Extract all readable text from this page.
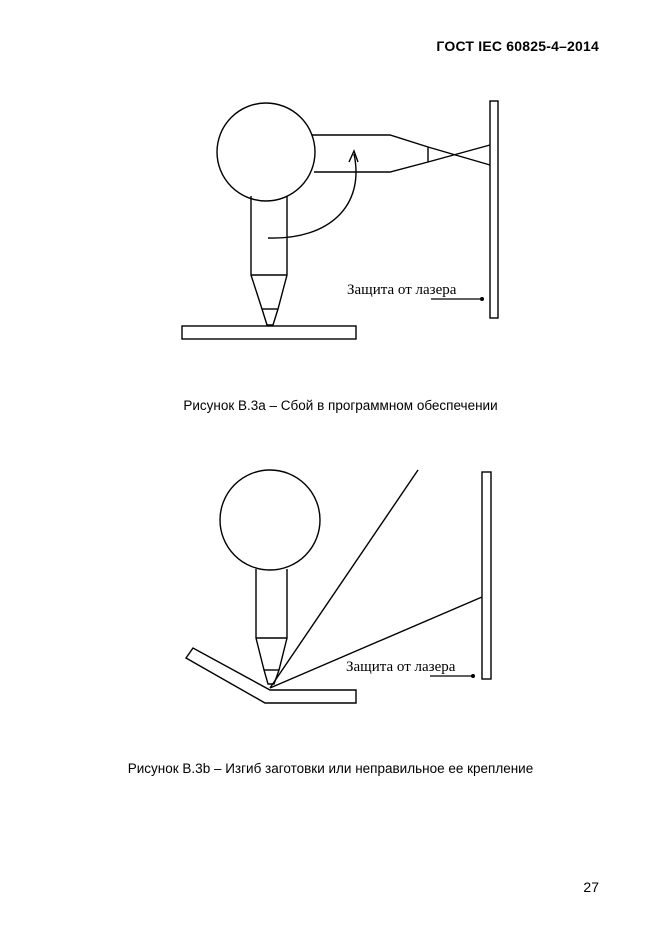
ГОСТ IEC 60825-4–2014
Защита от лазера
Рисунок В.3а – Сбой в программном обеспечении
Защита от лазера
Рисунок В.3b – Изгиб заготовки или неправильное ее крепление
27
